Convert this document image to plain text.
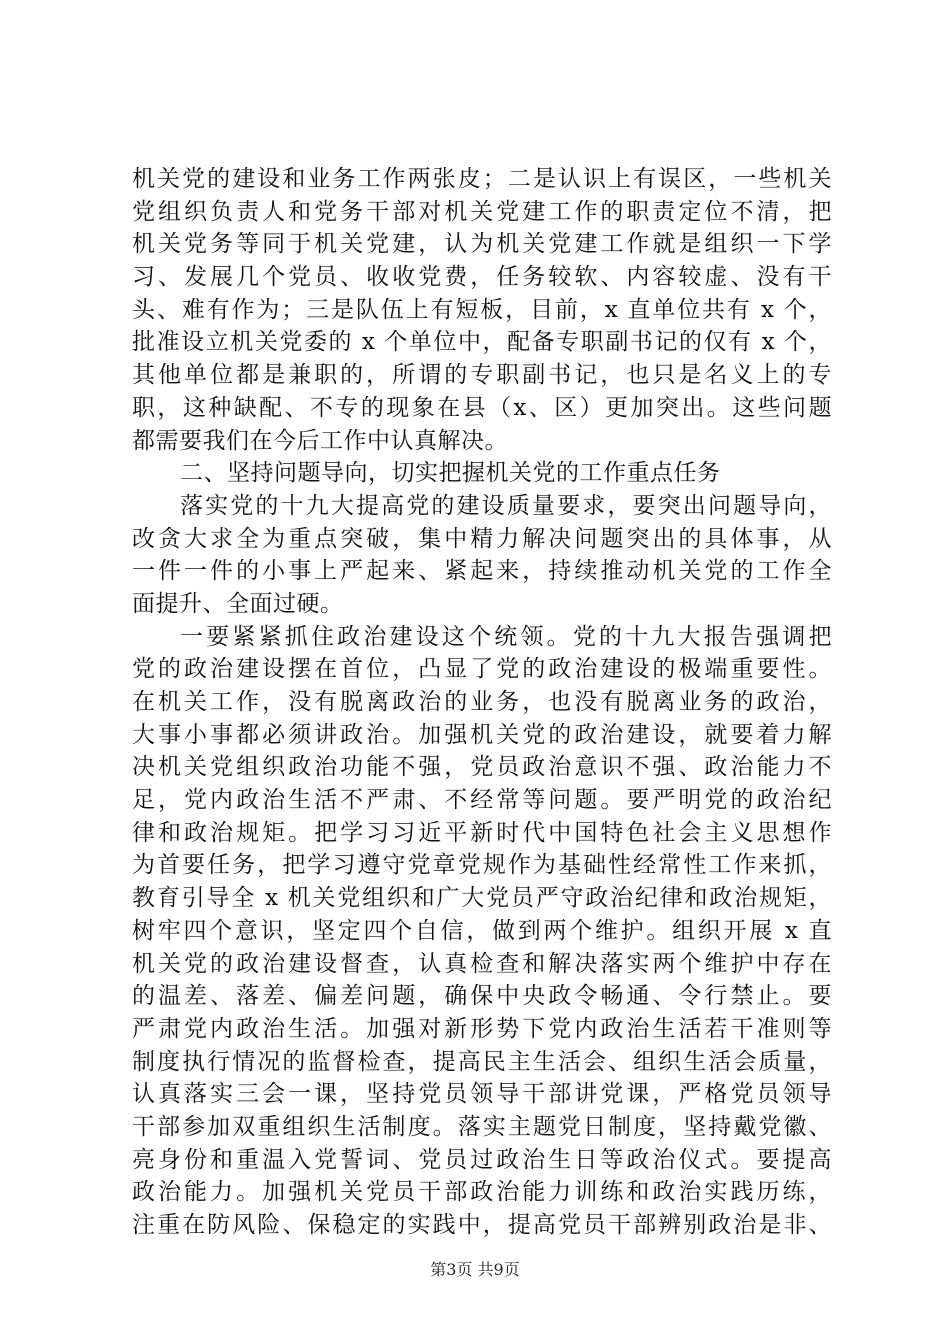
机关党的建设和业务工作两张皮；二是认识上有误区，一些机关
党组织负责人和党务干部对机关党建工作的职责定位不清，把
机关党务等同于机关党建，认为机关党建工作就是组织一下学
习、发展几个党员、收收党费，任务较软、内容较虚、没有干
头、难有作为；三是队伍上有短板，目前，x 直单位共有 x 个，
批准设立机关党委的 x 个单位中，配备专职副书记的仅有 x 个，
其他单位都是兼职的，所谓的专职副书记，也只是名义上的专
职，这种缺配、不专的现象在县（x、区）更加突出。这些问题
都需要我们在今后工作中认真解决。
二、坚持问题导向，切实把握机关党的工作重点任务
落实党的十九大提高党的建设质量要求，要突出问题导向，
改贪大求全为重点突破，集中精力解决问题突出的具体事，从
一件一件的小事上严起来、紧起来，持续推动机关党的工作全
面提升、全面过硬。
一要紧紧抓住政治建设这个统领。党的十九大报告强调把
党的政治建设摆在首位，凸显了党的政治建设的极端重要性。
在机关工作，没有脱离政治的业务，也没有脱离业务的政治，
大事小事都必须讲政治。加强机关党的政治建设，就要着力解
决机关党组织政治功能不强，党员政治意识不强、政治能力不
足，党内政治生活不严肃、不经常等问题。要严明党的政治纪
律和政治规矩。把学习习近平新时代中国特色社会主义思想作
为首要任务，把学习遵守党章党规作为基础性经常性工作来抓，
教育引导全 x 机关党组织和广大党员严守政治纪律和政治规矩，
树牢四个意识，坚定四个自信，做到两个维护。组织开展 x 直
机关党的政治建设督查，认真检查和解决落实两个维护中存在
的温差、落差、偏差问题，确保中央政令畅通、令行禁止。要
严肃党内政治生活。加强对新形势下党内政治生活若干准则等
制度执行情况的监督检查，提高民主生活会、组织生活会质量，
认真落实三会一课，坚持党员领导干部讲党课，严格党员领导
干部参加双重组织生活制度。落实主题党日制度，坚持戴党徽、
亮身份和重温入党誓词、党员过政治生日等政治仪式。要提高
政治能力。加强机关党员干部政治能力训练和政治实践历练，
注重在防风险、保稳定的实践中，提高党员干部辨别政治是非、
第3页 共9页
